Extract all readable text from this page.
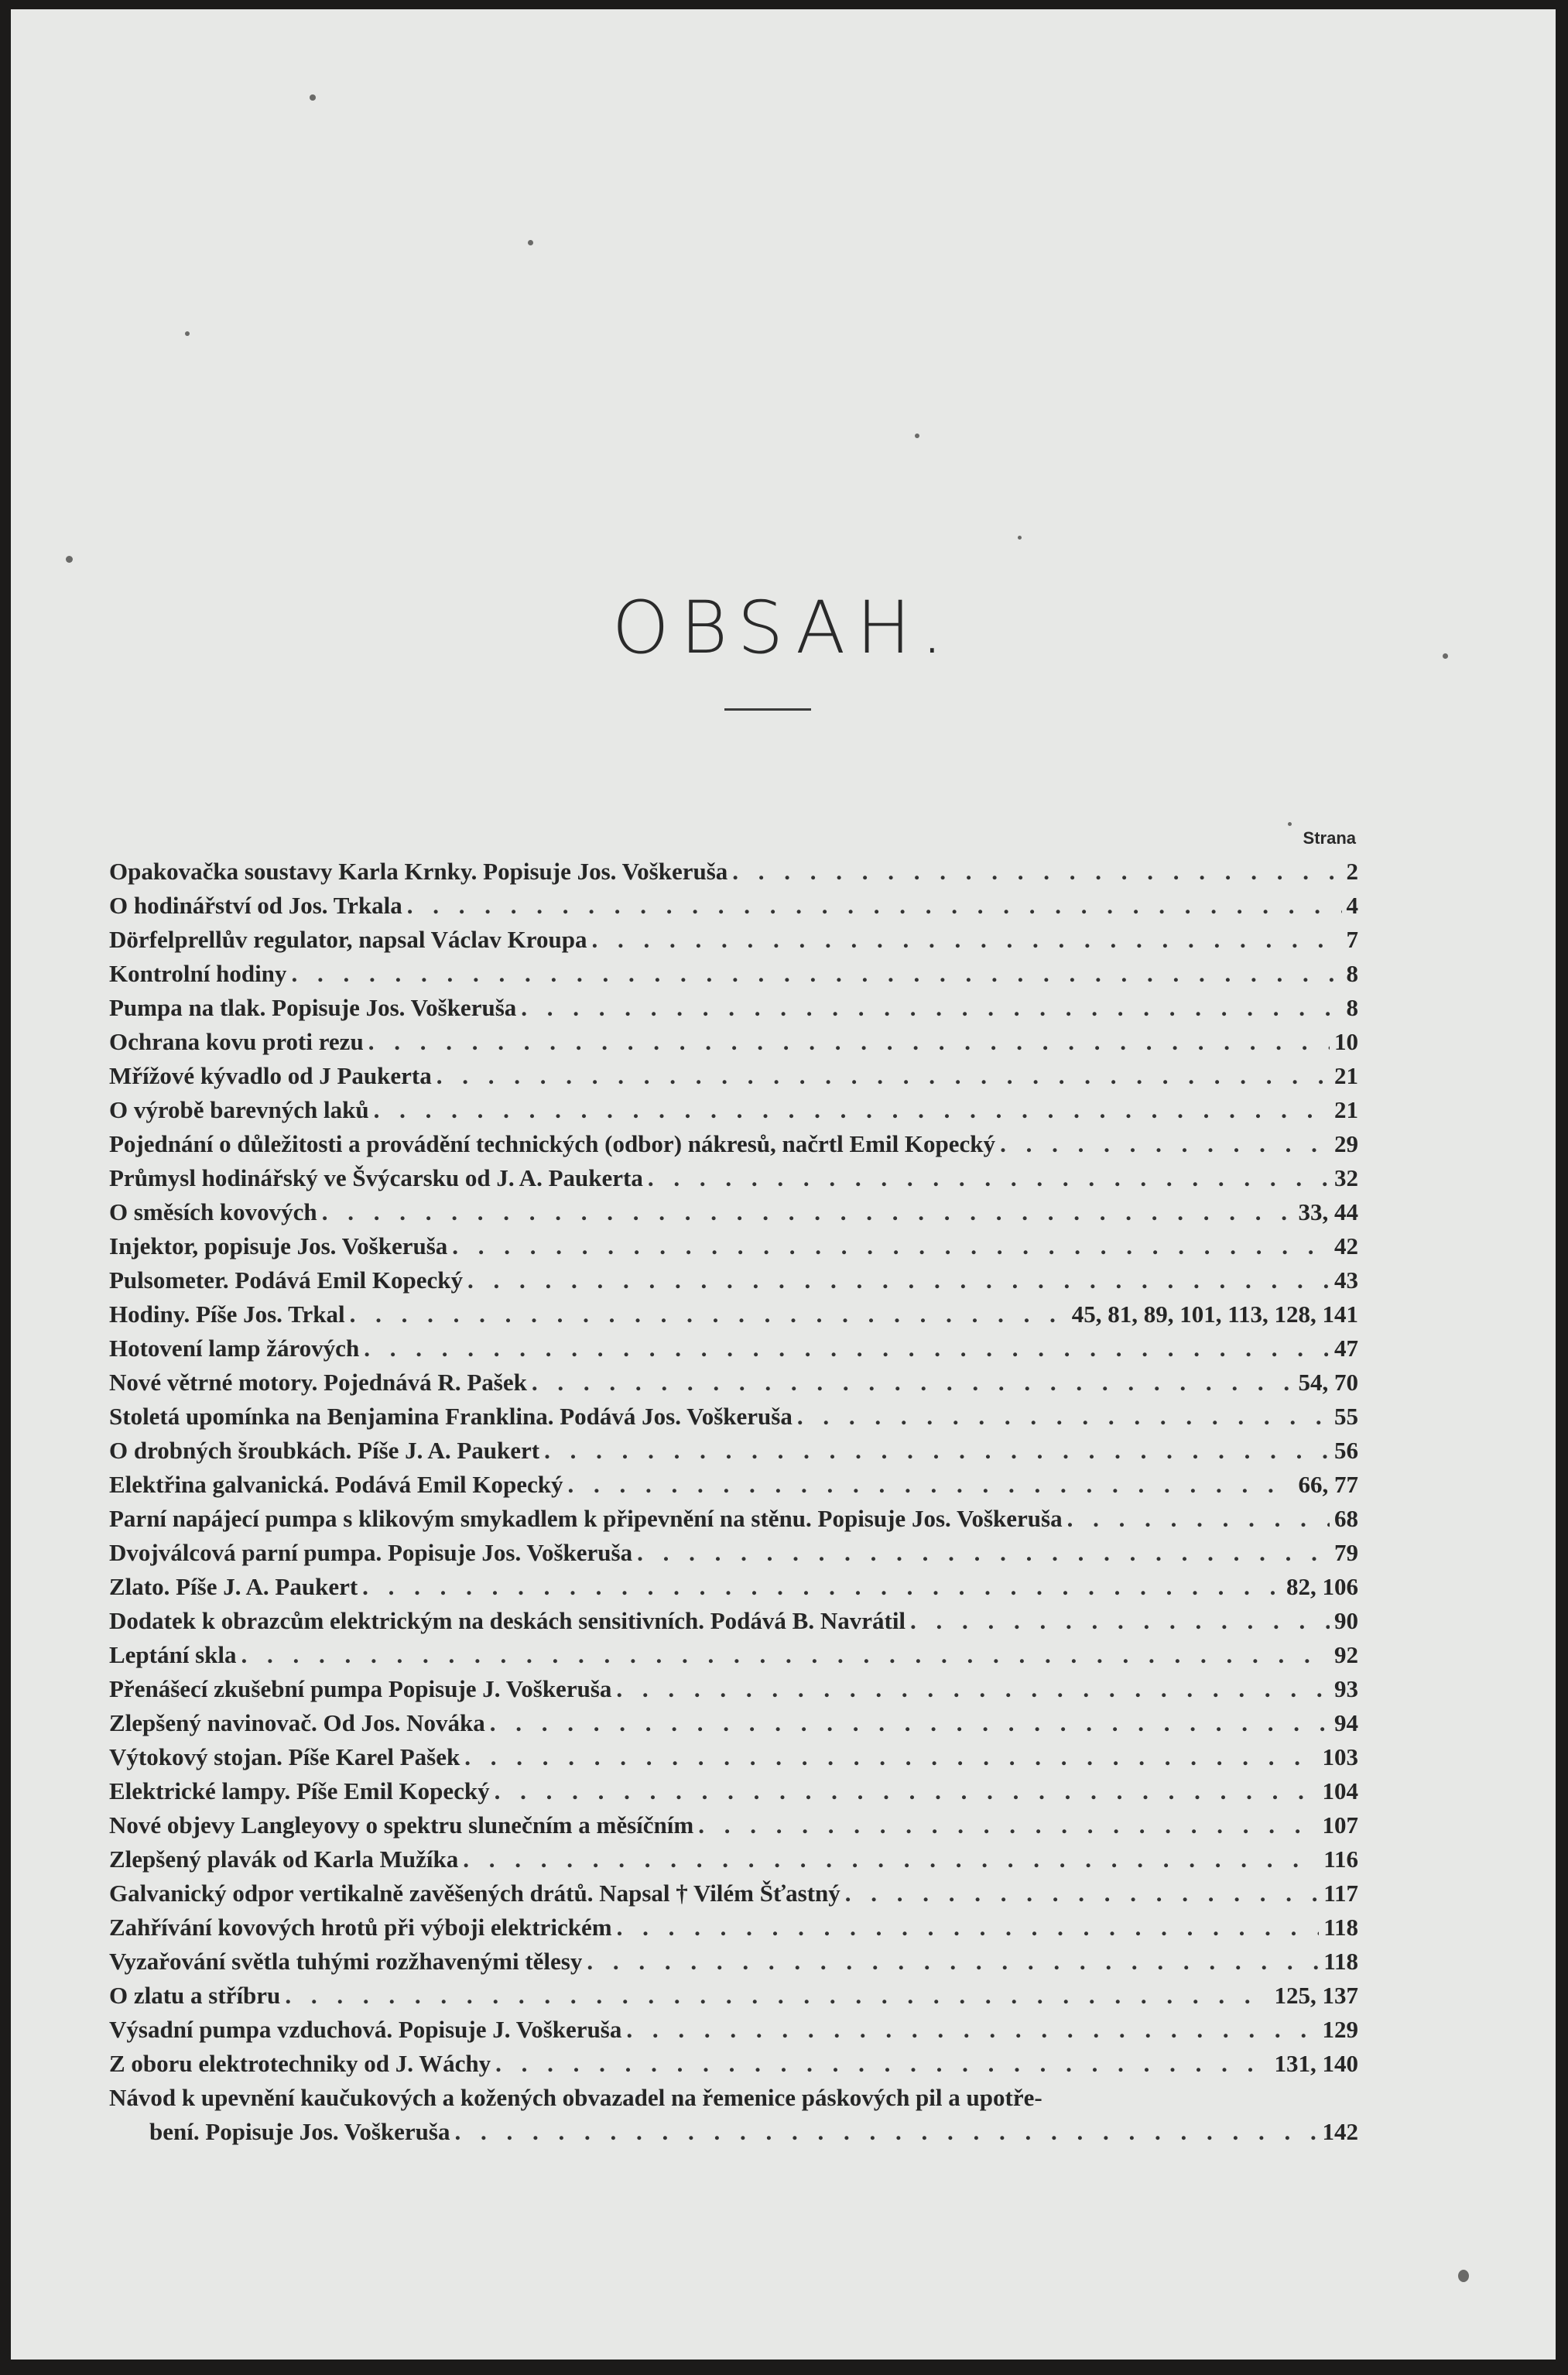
OBSAH.
Strana
Opakovačka soustavy Karla Krnky. Popisuje Jos. Voškeruša . . .	2
O hodinářství od Jos. Trkala . . .	4
Dörfelprellův regulator, napsal Václav Kroupa . . .	7
Kontrolní hodiny . . .	8
Pumpa na tlak. Popisuje Jos. Voškeruša . . .	8
Ochrana kovu proti rezu . . .	10
Mřížové kývadlo od J Paukerta . . .	21
O výrobě barevných laků . . .	21
Pojednání o důležitosti a provádění technických (odbor) nákresů, načrtl Emil Kopecký . . .	29
Průmysl hodinářský ve Švýcarsku od J. A. Paukerta . . .	32
O směsích kovových . . .	33, 44
Injektor, popisuje Jos. Voškeruša . . .	42
Pulsometer. Podává Emil Kopecký . . .	43
Hodiny. Píše Jos. Trkal . . .	45, 81, 89, 101, 113, 128, 141
Hotovení lamp žárových . . .	47
Nové větrné motory. Pojednává R. Pašek . . .	54, 70
Stoletá upomínka na Benjamina Franklina. Podává Jos. Voškeruša . . .	55
O drobných šroubkách. Píše J. A. Paukert . . .	56
Elektřina galvanická. Podává Emil Kopecký . . .	66, 77
Parní napájecí pumpa s klikovým smykadlem k připevnění na stěnu. Popisuje Jos. Voškeruša . . .	68
Dvojválcová parní pumpa. Popisuje Jos. Voškeruša . . .	79
Zlato. Píše J. A. Paukert . . .	82, 106
Dodatek k obrazcům elektrickým na deskách sensitivních. Podává B. Navrátil . . .	90
Leptání skla . . .	92
Přenášecí zkušební pumpa Popisuje J. Voškeruša . . .	93
Zlepšený navinovač. Od Jos. Nováka . . .	94
Výtokový stojan. Píše Karel Pašek . . .	103
Elektrické lampy. Píše Emil Kopecký . . .	104
Nové objevy Langleyovy o spektru slunečním a měsíčním . . .	107
Zlepšený plavák od Karla Mužíka . . .	116
Galvanický odpor vertikalně zavěšených drátů. Napsal † Vilém Šťastný . . .	117
Zahřívání kovových hrotů při výboji elektrickém . . .	118
Vyzařování světla tuhými rozžhavenými tělesy . . .	118
O zlatu a stříbru . . .	125, 137
Výsadní pumpa vzduchová. Popisuje J. Voškeruša . . .	129
Z oboru elektrotechniky od J. Wáchy . . .	131, 140
Návod k upevnění kaučukových a kožených obvazadel na řemenice páskových pil a upotře-
bení. Popisuje Jos. Voškeruša . . .	142
